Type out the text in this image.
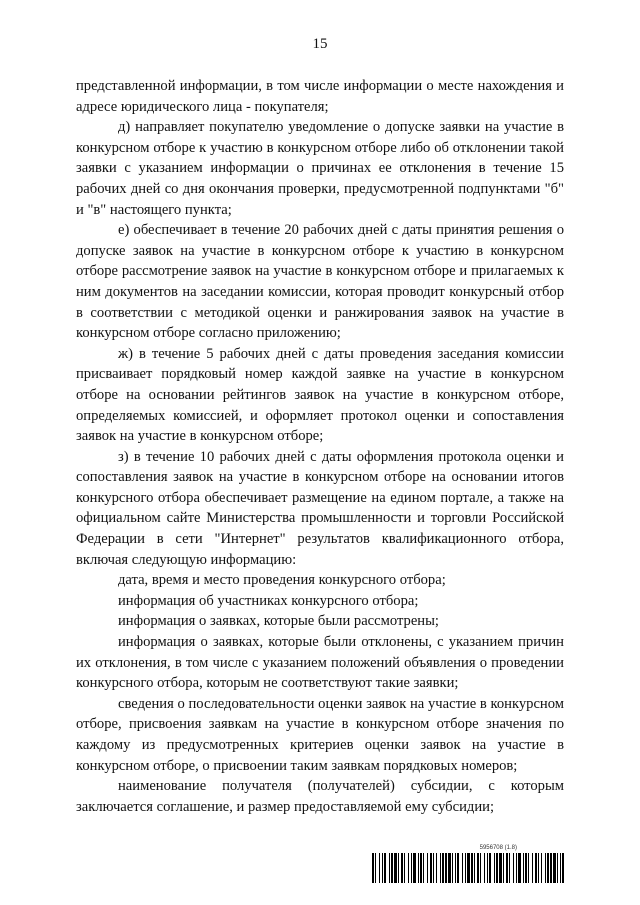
15

представленной информации, в том числе информации о месте нахождения и адресе юридического лица - покупателя;

д) направляет покупателю уведомление о допуске заявки на участие в конкурсном отборе к участию в конкурсном отборе либо об отклонении такой заявки с указанием информации о причинах ее отклонения в течение 15 рабочих дней со дня окончания проверки, предусмотренной подпунктами "б" и "в" настоящего пункта;

е) обеспечивает в течение 20 рабочих дней с даты принятия решения о допуске заявок на участие в конкурсном отборе к участию в конкурсном отборе рассмотрение заявок на участие в конкурсном отборе и прилагаемых к ним документов на заседании комиссии, которая проводит конкурсный отбор в соответствии с методикой оценки и ранжирования заявок на участие в конкурсном отборе согласно приложению;

ж) в течение 5 рабочих дней с даты проведения заседания комиссии присваивает порядковый номер каждой заявке на участие в конкурсном отборе на основании рейтингов заявок на участие в конкурсном отборе, определяемых комиссией, и оформляет протокол оценки и сопоставления заявок на участие в конкурсном отборе;

з) в течение 10 рабочих дней с даты оформления протокола оценки и сопоставления заявок на участие в конкурсном отборе на основании итогов конкурсного отбора обеспечивает размещение на едином портале, а также на официальном сайте Министерства промышленности и торговли Российской Федерации в сети "Интернет" результатов квалификационного отбора, включая следующую информацию:

дата, время и место проведения конкурсного отбора;

информация об участниках конкурсного отбора;

информация о заявках, которые были рассмотрены;

информация о заявках, которые были отклонены, с указанием причин их отклонения, в том числе с указанием положений объявления о проведении конкурсного отбора, которым не соответствуют такие заявки;

сведения о последовательности оценки заявок на участие в конкурсном отборе, присвоения заявкам на участие в конкурсном отборе значения по каждому из предусмотренных критериев оценки заявок на участие в конкурсном отборе, о присвоении таким заявкам порядковых номеров;

наименование получателя (получателей) субсидии, с которым заключается соглашение, и размер предоставляемой ему субсидии;

5956708 (1.8)
